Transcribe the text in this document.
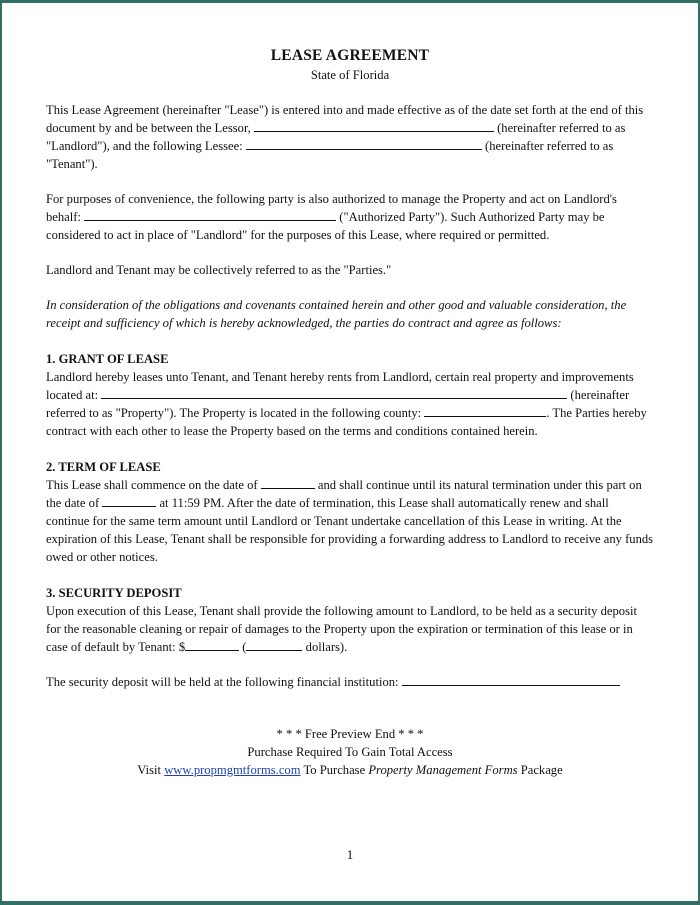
LEASE AGREEMENT
State of Florida

This Lease Agreement (hereinafter "Lease") is entered into and made effective as of the date set forth at the end of this document by and be between the Lessor,	(hereinafter referred to as "Landlord"), and the following Lessee:	(hereinafter referred to as "Tenant").

For purposes of convenience, the following party is also authorized to manage the Property and act on Landlord's behalf:	("Authorized Party"). Such Authorized Party may be considered to act in place of "Landlord" for the purposes of this Lease, where required or permitted.

Landlord and Tenant may be collectively referred to as the "Parties."

In consideration of the obligations and covenants contained herein and other good and valuable consideration, the receipt and sufficiency of which is hereby acknowledged, the parties do contract and agree as follows:

1. GRANT OF LEASE

Landlord hereby leases unto Tenant, and Tenant hereby rents from Landlord, certain real property and improvements located at:	(hereinafter referred to as "Property"). The Property is located in the following county:	. The Parties hereby contract with each other to lease the Property based on the terms and conditions contained herein.

2. TERM OF LEASE

This Lease shall commence on the date of	and shall continue until its natural termination under this part on the date of	at 11:59 PM. After the date of termination, this Lease shall automatically renew and shall continue for the same term amount until Landlord or Tenant undertake cancellation of this Lease in writing. At the expiration of this Lease, Tenant shall be responsible for providing a forwarding address to Landlord to receive any funds owed or other notices.

3. SECURITY DEPOSIT

Upon execution of this Lease, Tenant shall provide the following amount to Landlord, to be held as a security deposit for the reasonable cleaning or repair of damages to the Property upon the expiration or termination of this lease or in case of default by Tenant: $	(	dollars).

The security deposit will be held at the following financial institution:

* * * Free Preview End * * *
Purchase Required To Gain Total Access
Visit www.propmgmtforms.com To Purchase Property Management Forms Package
1
